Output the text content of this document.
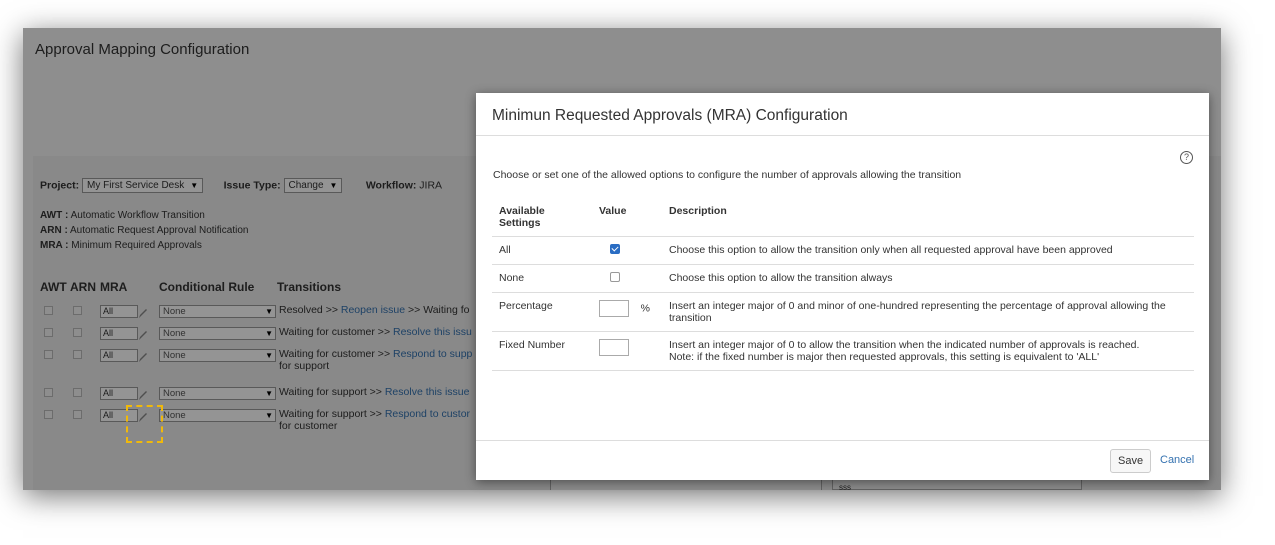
Approval Mapping Configuration
Project: My First Service Desk ▼ Issue Type: Change ▼	Workflow: JIRA
AWT : Automatic Workflow Transition
ARN : Automatic Request Approval Notification
MRA : Minimum Required Approvals
AWT ARN MRA	Conditional Rule Transitions
All	None	▼ Resolved >> Reopen issue >> Waiting fo
All	None	▼ Waiting for customer >> Resolve this issu
All	None	▼ Waiting for customer >> Respond to supp
for support
All	None	▼ Waiting for support >> Resolve this issue
All	None	▼ Waiting for support >> Respond to custor
for customer
sss
Minimun Requested Approvals (MRA) Configuration
?
Choose or set one of the allowed options to configure the number of approvals allowing the transition
Available Settings	Value	Description
All		Choose this option to allow the transition only when all requested approval have been approved
None		Choose this option to allow the transition always
Percentage	%	Insert an integer major of 0 and minor of one-hundred representing the percentage of approval allowing the transition
Fixed Number		Insert an integer major of 0 to allow the transition when the indicated number of approvals is reached.
Note: if the fixed number is major then requested approvals, this setting is equivalent to 'ALL'
Save	Cancel
